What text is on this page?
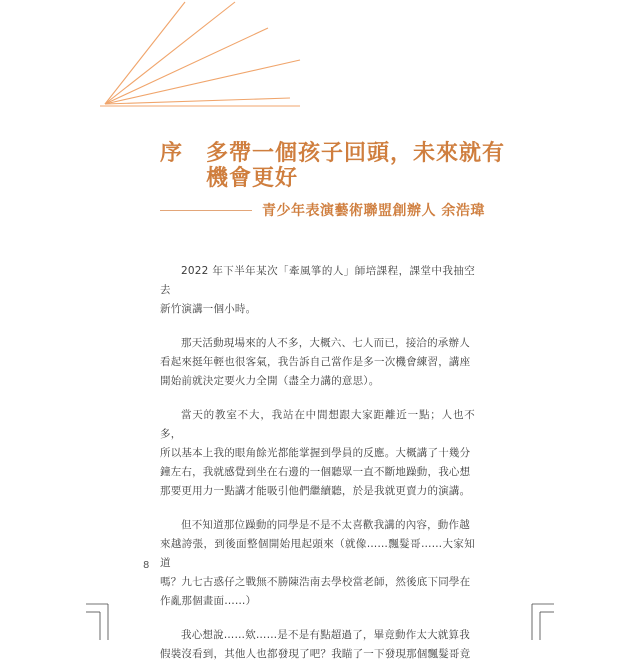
序 多帶一個孩子回頭，未來就有
機會更好
青少年表演藝術聯盟創辦人 余浩瑋

2022 年下半年某次「牽風箏的人」師培課程，課堂中我抽空去
新竹演講一個小時。

那天活動現場來的人不多，大概六、七人而已，接洽的承辦人
看起來挺年輕也很客氣，我告訴自己當作是多一次機會練習，講座
開始前就決定要火力全開（盡全力講的意思）。

當天的教室不大，我站在中間想跟大家距離近一點；人也不多，
所以基本上我的眼角餘光都能掌握到學員的反應。大概講了十幾分
鐘左右，我就感覺到坐在右邊的一個聽眾一直不斷地躁動，我心想
那要更用力一點講才能吸引他們繼續聽，於是我就更賣力的演講。

但不知道那位躁動的同學是不是不太喜歡我講的內容，動作越
來越誇張，到後面整個開始甩起頭來（就像……飄髮哥……大家知道
嗎？九七古惑仔之戰無不勝陳浩南去學校當老師，然後底下同學在
作亂那個畫面……）

我心想說……欸……是不是有點超過了，畢竟動作太大就算我
假裝沒看到，其他人也都發現了吧？我瞄了一下發現那個飄髮哥竟

8
